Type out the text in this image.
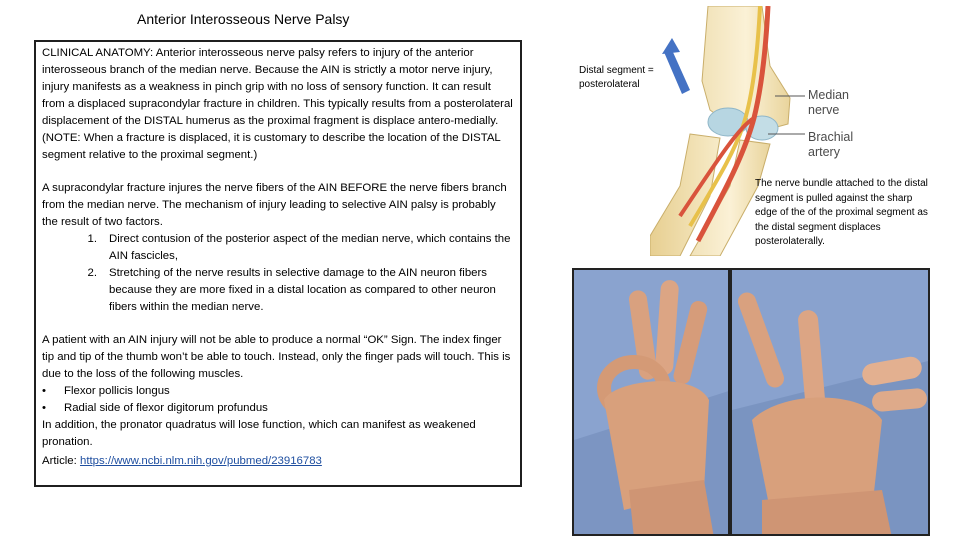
Anterior Interosseous Nerve Palsy

CLINICAL ANATOMY: Anterior interosseous nerve palsy refers to injury of the anterior interosseous branch of the median nerve. Because the AIN is strictly a motor nerve injury, injury manifests as a weakness in pinch grip with no loss of sensory function. It can result from a displaced supracondylar fracture in children. This typically results from a posterolateral displacement of the DISTAL humerus as the proximal fragment is displace antero-medially. (NOTE: When a fracture is displaced, it is customary to describe the location of the DISTAL segment relative to the proximal segment.)

A supracondylar fracture injures the nerve fibers of the AIN BEFORE the nerve fibers branch from the median nerve. The mechanism of injury leading to selective AIN palsy is probably the result of two factors.

1.	Direct contusion of the posterior aspect of the median nerve, which contains the AIN fascicles,
2.	Stretching of the nerve results in selective damage to the AIN neuron fibers because they are more fixed in a distal location as compared to other neuron fibers within the median nerve.

A patient with an AIN injury will not be able to produce a normal “OK” Sign. The index finger tip and tip of the thumb won’t be able to touch. Instead, only the finger pads will touch. This is due to the loss of the following muscles.

•	Flexor pollicis longus
•	Radial side of flexor digitorum profundus

In addition, the pronator quadratus will lose function, which can manifest as weakened pronation.

Article: https://www.ncbi.nlm.nih.gov/pubmed/23916783

Distal segment =
posterolateral
Median
nerve
Brachial
artery
The nerve bundle attached to the distal segment is pulled against the sharp edge of the of the proximal segment as the distal segment displaces posterolaterally.
